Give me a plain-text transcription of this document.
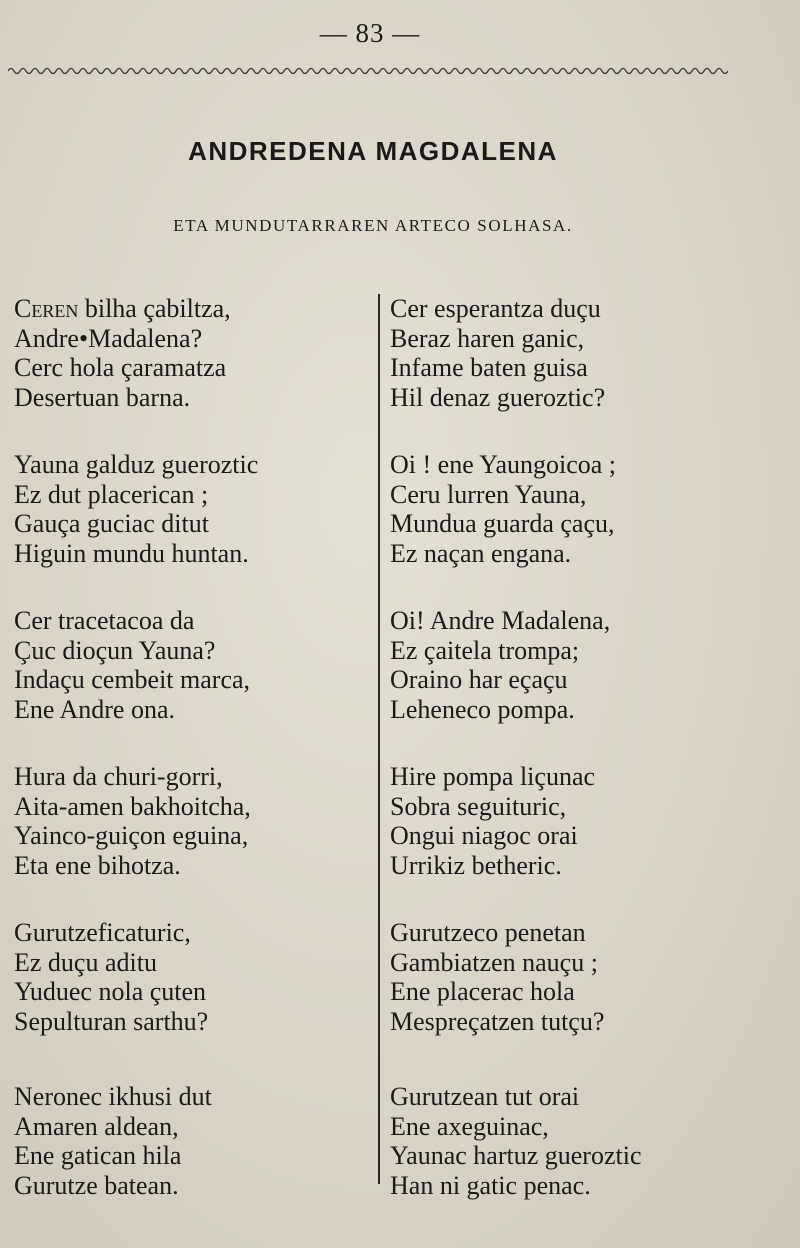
— 83 —
ANDREDENA MAGDALENA
ETA MUNDUTARRAREN ARTECO SOLHASA.
Ceren bilha çabiltza,
Andre•Madalena?
Cerc hola çaramatza
Desertuan barna.
Yauna galduz gueroztic
Ez dut placerican ;
Gauça guciac ditut
Higuin mundu huntan.
Cer tracetacoa da
Çuc dioçun Yauna?
Indaçu cembeit marca,
Ene Andre ona.
Hura da churi-gorri,
Aita-amen bakhoitcha,
Yainco-guiçon eguina,
Eta ene bihotza.
Gurutzeficaturic,
Ez duçu aditu
Yuduec nola çuten
Sepulturan sarthu?
Neronec ikhusi dut
Amaren aldean,
Ene gatican hila
Gurutze batean.
Cer esperantza duçu
Beraz haren ganic,
Infame baten guisa
Hil denaz gueroztic?
Oi ! ene Yaungoicoa ;
Ceru lurren Yauna,
Mundua guarda çaçu,
Ez naçan engana.
Oi! Andre Madalena,
Ez çaitela trompa;
Oraino har eçaçu
Leheneco pompa.
Hire pompa liçunac
Sobra seguituric,
Ongui niagoc orai
Urrikiz betheric.
Gurutzeco penetan
Gambiatzen nauçu ;
Ene placerac hola
Mespreçatzen tutçu?
Gurutzean tut orai
Ene axeguinac,
Yaunac hartuz gueroztic
Han ni gatic penac.
